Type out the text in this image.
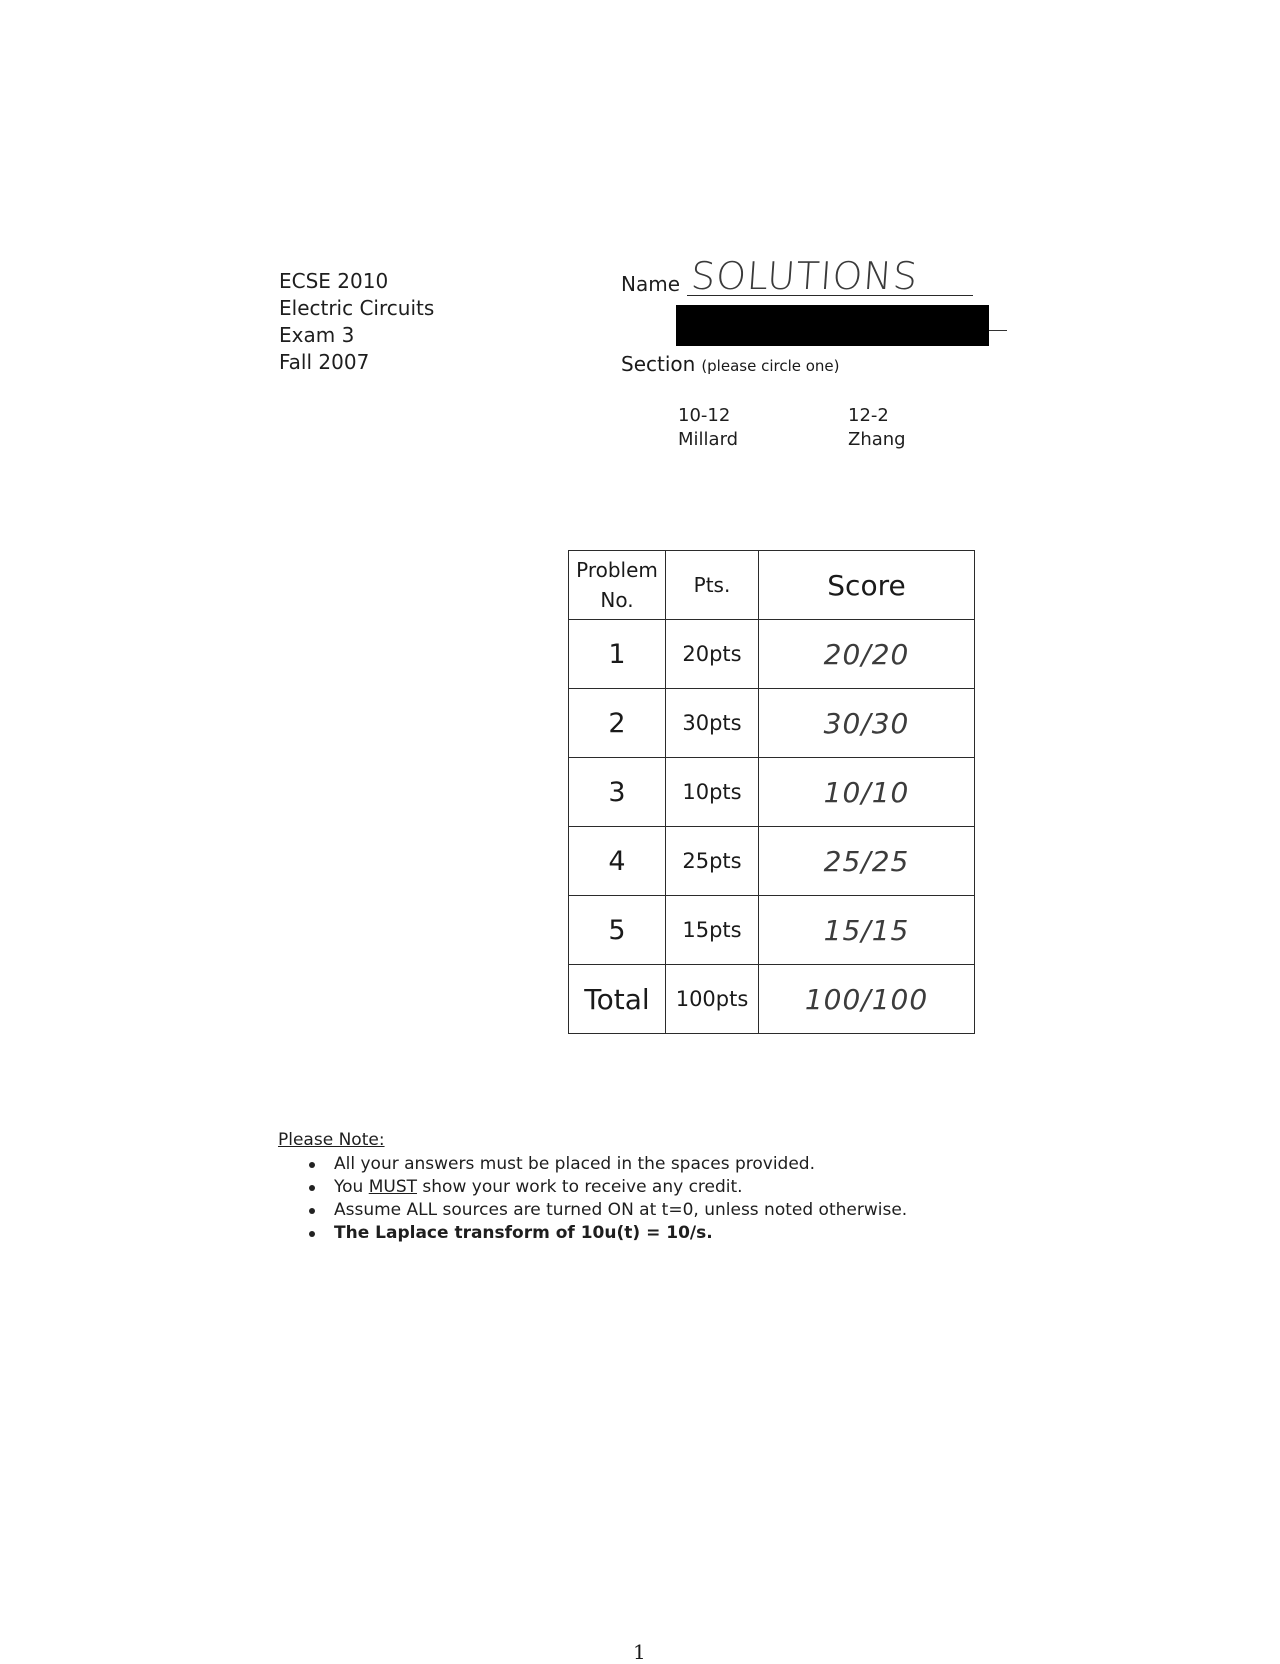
ECSE 2010
Electric Circuits
Exam 3
Fall 2007
Name SOLUTIONS
Section (please circle one)
10-12
Millard
12-2
Zhang
Problem No.	Pts.	Score
1	20pts	20/20
2	30pts	30/30
3	10pts	10/10
4	25pts	25/25
5	15pts	15/15
Total	100pts	100/100
Please Note:
All your answers must be placed in the spaces provided.
You MUST show your work to receive any credit.
Assume ALL sources are turned ON at t=0, unless noted otherwise.
The Laplace transform of 10u(t) = 10/s.
1
